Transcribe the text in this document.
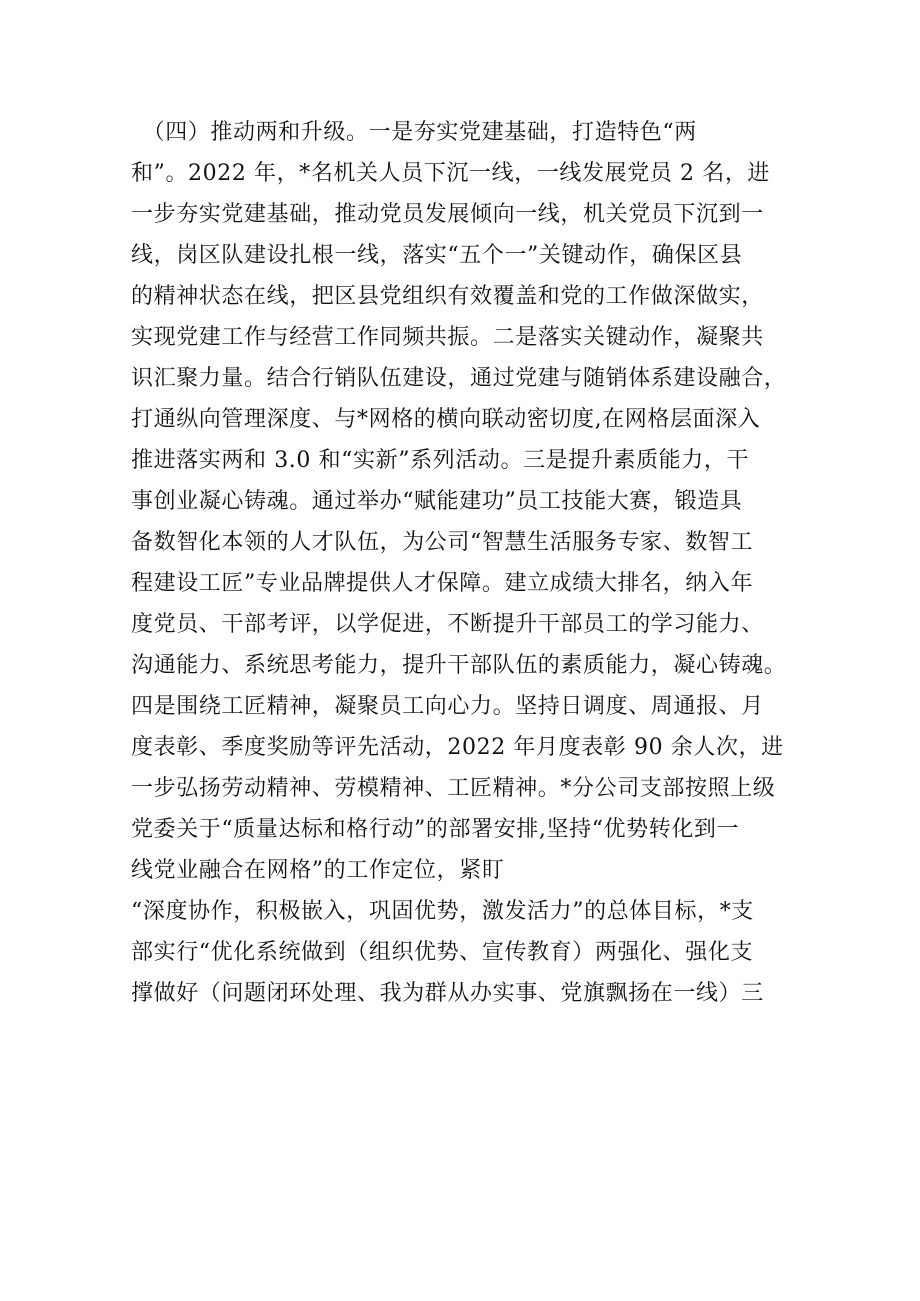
　（四）推动两和升级。一是夯实党建基础，打造特色“两
和”。2022 年，*名机关人员下沉一线，一线发展党员 2 名，进
一步夯实党建基础，推动党员发展倾向一线，机关党员下沉到一
线，岗区队建设扎根一线，落实“五个一”关键动作，确保区县
的精神状态在线，把区县党组织有效覆盖和党的工作做深做实，
实现党建工作与经营工作同频共振。二是落实关键动作，凝聚共
识汇聚力量。结合行销队伍建设，通过党建与随销体系建设融合，
打通纵向管理深度、与*网格的横向联动密切度,在网格层面深入
推进落实两和 3.0 和“实新”系列活动。三是提升素质能力，干
事创业凝心铸魂。通过举办“赋能建功”员工技能大赛，锻造具
备数智化本领的人才队伍，为公司“智慧生活服务专家、数智工
程建设工匠”专业品牌提供人才保障。建立成绩大排名，纳入年
度党员、干部考评，以学促进，不断提升干部员工的学习能力、
沟通能力、系统思考能力，提升干部队伍的素质能力，凝心铸魂。
四是围绕工匠精神，凝聚员工向心力。坚持日调度、周通报、月
度表彰、季度奖励等评先活动，2022 年月度表彰 90 余人次，进
一步弘扬劳动精神、劳模精神、工匠精神。*分公司支部按照上级
党委关于“质量达标和格行动”的部署安排,坚持“优势转化到一
线党业融合在网格”的工作定位，紧盯
“深度协作，积极嵌入，巩固优势，激发活力”的总体目标，*支
部实行“优化系统做到（组织优势、宣传教育）两强化、强化支
撑做好（问题闭环处理、我为群从办实事、党旗飘扬在一线）三
